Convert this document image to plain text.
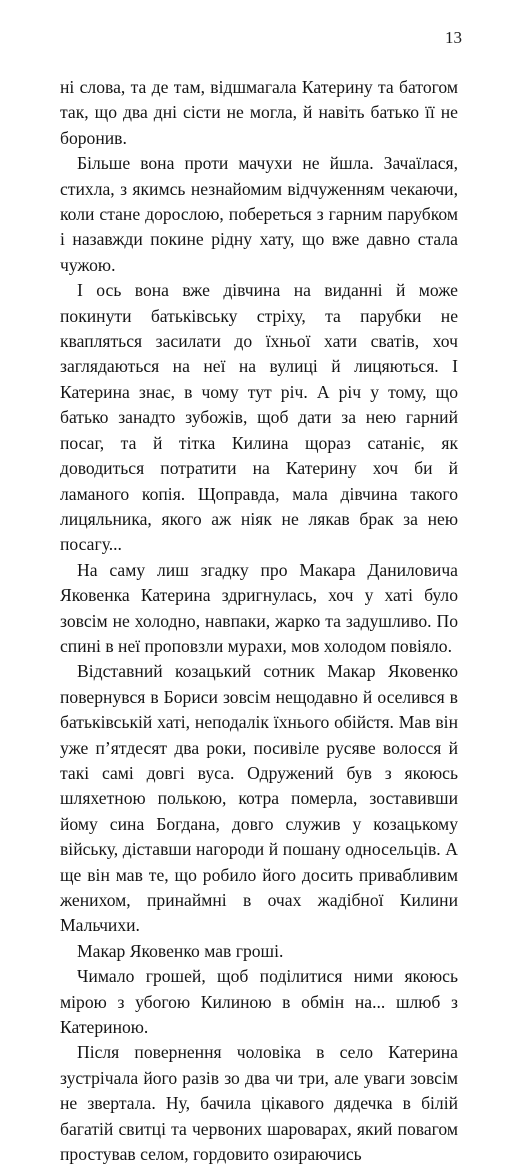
13

ні слова, та де там, відшмагала Катерину та батогом так, що два дні сісти не могла, й навіть батько її не боронив.

Більше вона проти мачухи не йшла. Зачаїлася, стихла, з якимсь незнайомим відчуженням чекаючи, коли стане дорослою, побереться з гарним парубком і назавжди покине рідну хату, що вже давно стала чужою.

І ось вона вже дівчина на виданні й може покинути батьківську стріху, та парубки не квапляться засилати до їхньої хати сватів, хоч заглядаються на неї на вулиці й лицяються. І Катерина знає, в чому тут річ. А річ у тому, що батько занадто зубожів, щоб дати за нею гарний посаг, та й тітка Килина щораз сатаніє, як доводиться потратити на Катерину хоч би й ламаного копія. Щоправда, мала дівчина такого лицяльника, якого аж ніяк не лякав брак за нею посагу...

На саму лиш згадку про Макара Даниловича Яковенка Катерина здригнулась, хоч у хаті було зовсім не холодно, навпаки, жарко та задушливо. По спині в неї проповзли мурахи, мов холодом повіяло.

Відставний козацький сотник Макар Яковенко повернувся в Бориси зовсім нещодавно й оселився в батьківській хаті, неподалік їхнього обійстя. Мав він уже п’ятдесят два роки, посивіле русяве волосся й такі самі довгі вуса. Одружений був з якоюсь шляхетною полькою, котра померла, зоставивши йому сина Богдана, довго служив у козацькому війську, діставши нагороди й пошану односельців. А ще він мав те, що робило його досить привабливим женихом, принаймні в очах жадібної Килини Мальчихи.

Макар Яковенко мав гроші.

Чимало грошей, щоб поділитися ними якоюсь мірою з убогою Килиною в обмін на... шлюб з Катериною.

Після повернення чоловіка в село Катерина зустрічала його разів зо два чи три, але уваги зовсім не звертала. Ну, бачила цікавого дядечка в білій багатій свитці та червоних шароварах, який повагом простував селом, гордовито озираючись
